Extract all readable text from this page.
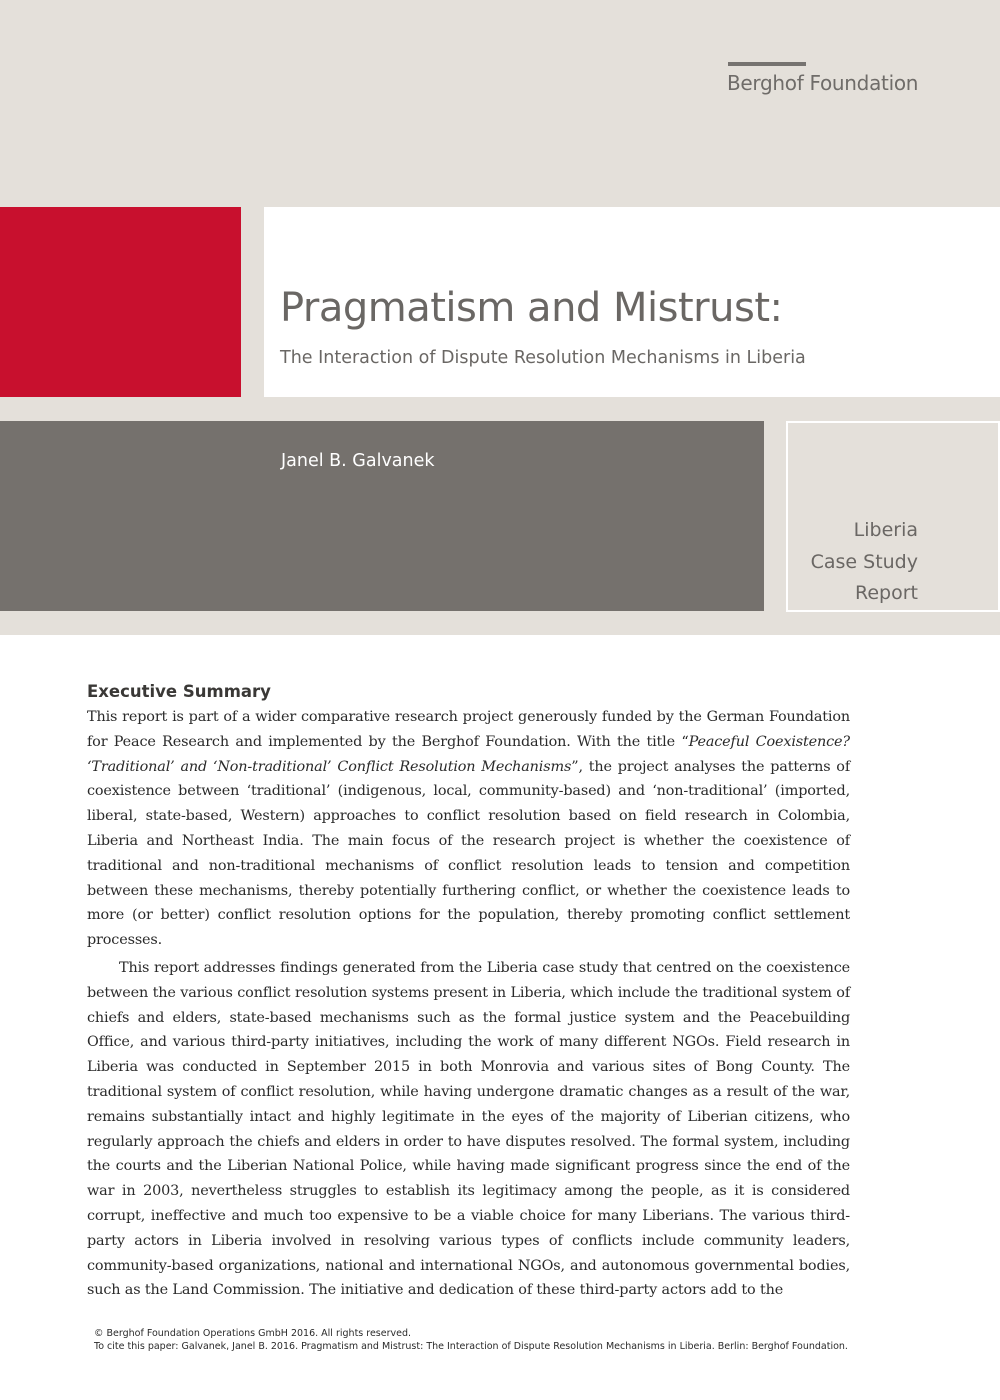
Berghof Foundation
Pragmatism and Mistrust:
The Interaction of Dispute Resolution Mechanisms in Liberia
Janel B. Galvanek
Liberia
Case Study
Report
Executive Summary

This report is part of a wider comparative research project generously funded by the German Foundation for Peace Research and implemented by the Berghof Foundation. With the title “Peaceful Coexistence? ‘Traditional’ and ‘Non-traditional’ Conflict Resolution Mechanisms”, the project analyses the patterns of coexistence between ‘traditional’ (indigenous, local, community-based) and ‘non-traditional’ (imported, liberal, state-based, Western) approaches to conflict resolution based on field research in Colombia, Liberia and Northeast India. The main focus of the research project is whether the coexistence of traditional and non-traditional mechanisms of conflict resolution leads to tension and competition between these mechanisms, thereby potentially furthering conflict, or whether the coexistence leads to more (or better) conflict resolution options for the population, thereby promoting conflict settlement processes.

This report addresses findings generated from the Liberia case study that centred on the coexistence between the various conflict resolution systems present in Liberia, which include the traditional system of chiefs and elders, state-based mechanisms such as the formal justice system and the Peacebuilding Office, and various third-party initiatives, including the work of many different NGOs. Field research in Liberia was conducted in September 2015 in both Monrovia and various sites of Bong County. The traditional system of conflict resolution, while having undergone dramatic changes as a result of the war, remains substantially intact and highly legitimate in the eyes of the majority of Liberian citizens, who regularly approach the chiefs and elders in order to have disputes resolved. The formal system, including the courts and the Liberian National Police, while having made significant progress since the end of the war in 2003, nevertheless struggles to establish its legitimacy among the people, as it is considered corrupt, ineffective and much too expensive to be a viable choice for many Liberians. The various third-party actors in Liberia involved in resolving various types of conflicts include community leaders, community-based organizations, national and international NGOs, and autonomous governmental bodies, such as the Land Commission. The initiative and dedication of these third-party actors add to the

© Berghof Foundation Operations GmbH 2016. All rights reserved.
To cite this paper: Galvanek, Janel B. 2016. Pragmatism and Mistrust: The Interaction of Dispute Resolution Mechanisms in Liberia. Berlin: Berghof Foundation.
